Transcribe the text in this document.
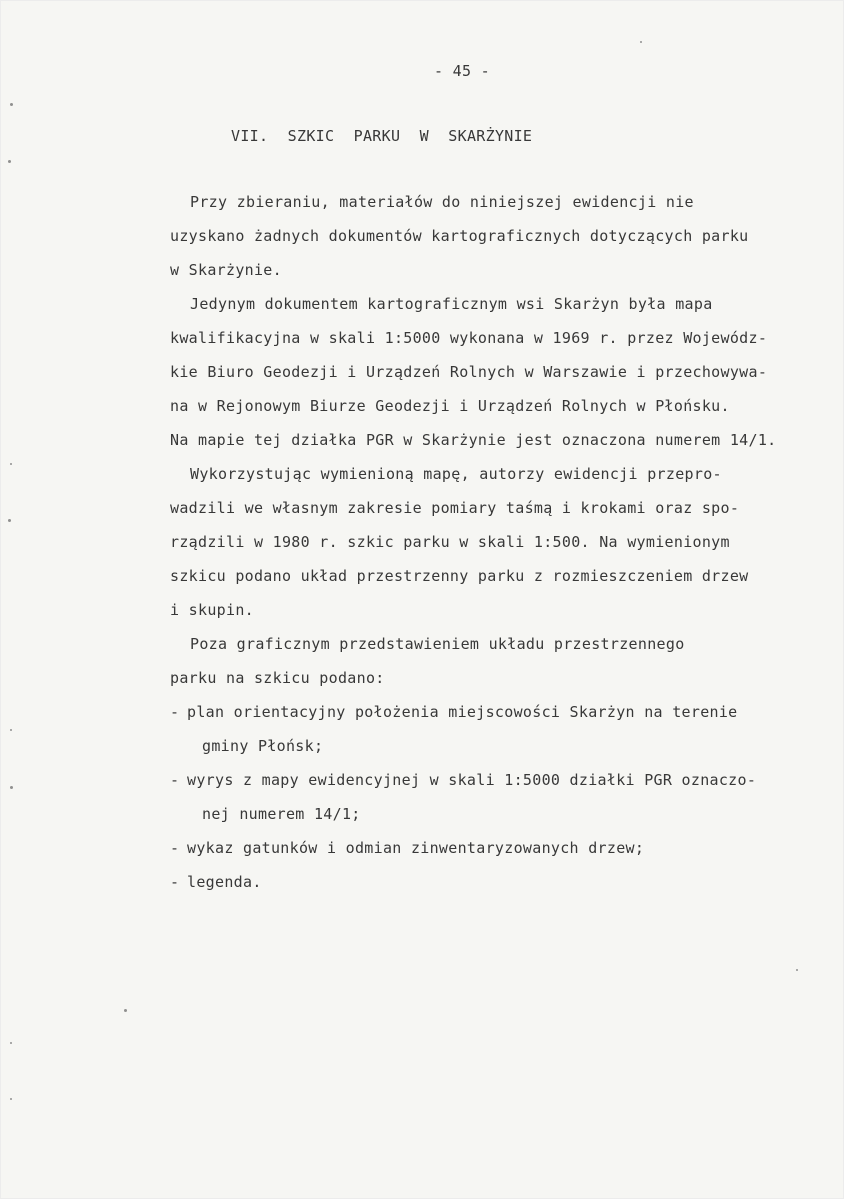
- 45 -
VII. SZKIC PARKU W SKARŻYNIE
Przy zbieraniu, materiałów do niniejszej ewidencji nie
uzyskano żadnych dokumentów kartograficznych dotyczących parku
w Skarżynie.
Jedynym dokumentem kartograficznym wsi Skarżyn była mapa
kwalifikacyjna w skali 1:5000 wykonana w 1969 r. przez Wojewódz-
kie Biuro Geodezji i Urządzeń Rolnych w Warszawie i przechowywa-
na w Rejonowym Biurze Geodezji i Urządzeń Rolnych w Płońsku.
Na mapie tej działka PGR w Skarżynie jest oznaczona numerem 14/1.
Wykorzystując wymienioną mapę, autorzy ewidencji przepro-
wadzili we własnym zakresie pomiary taśmą i krokami oraz spo-
rządzili w 1980 r. szkic parku w skali 1:500. Na wymienionym
szkicu podano układ przestrzenny parku z rozmieszczeniem drzew
i skupin.
Poza graficznym przedstawieniem układu przestrzennego
parku na szkicu podano:
- plan orientacyjny położenia miejscowości Skarżyn na terenie
gminy Płońsk;
- wyrys z mapy ewidencyjnej w skali 1:5000 działki PGR oznaczo-
nej numerem 14/1;
- wykaz gatunków i odmian zinwentaryzowanych drzew;
- legenda.
